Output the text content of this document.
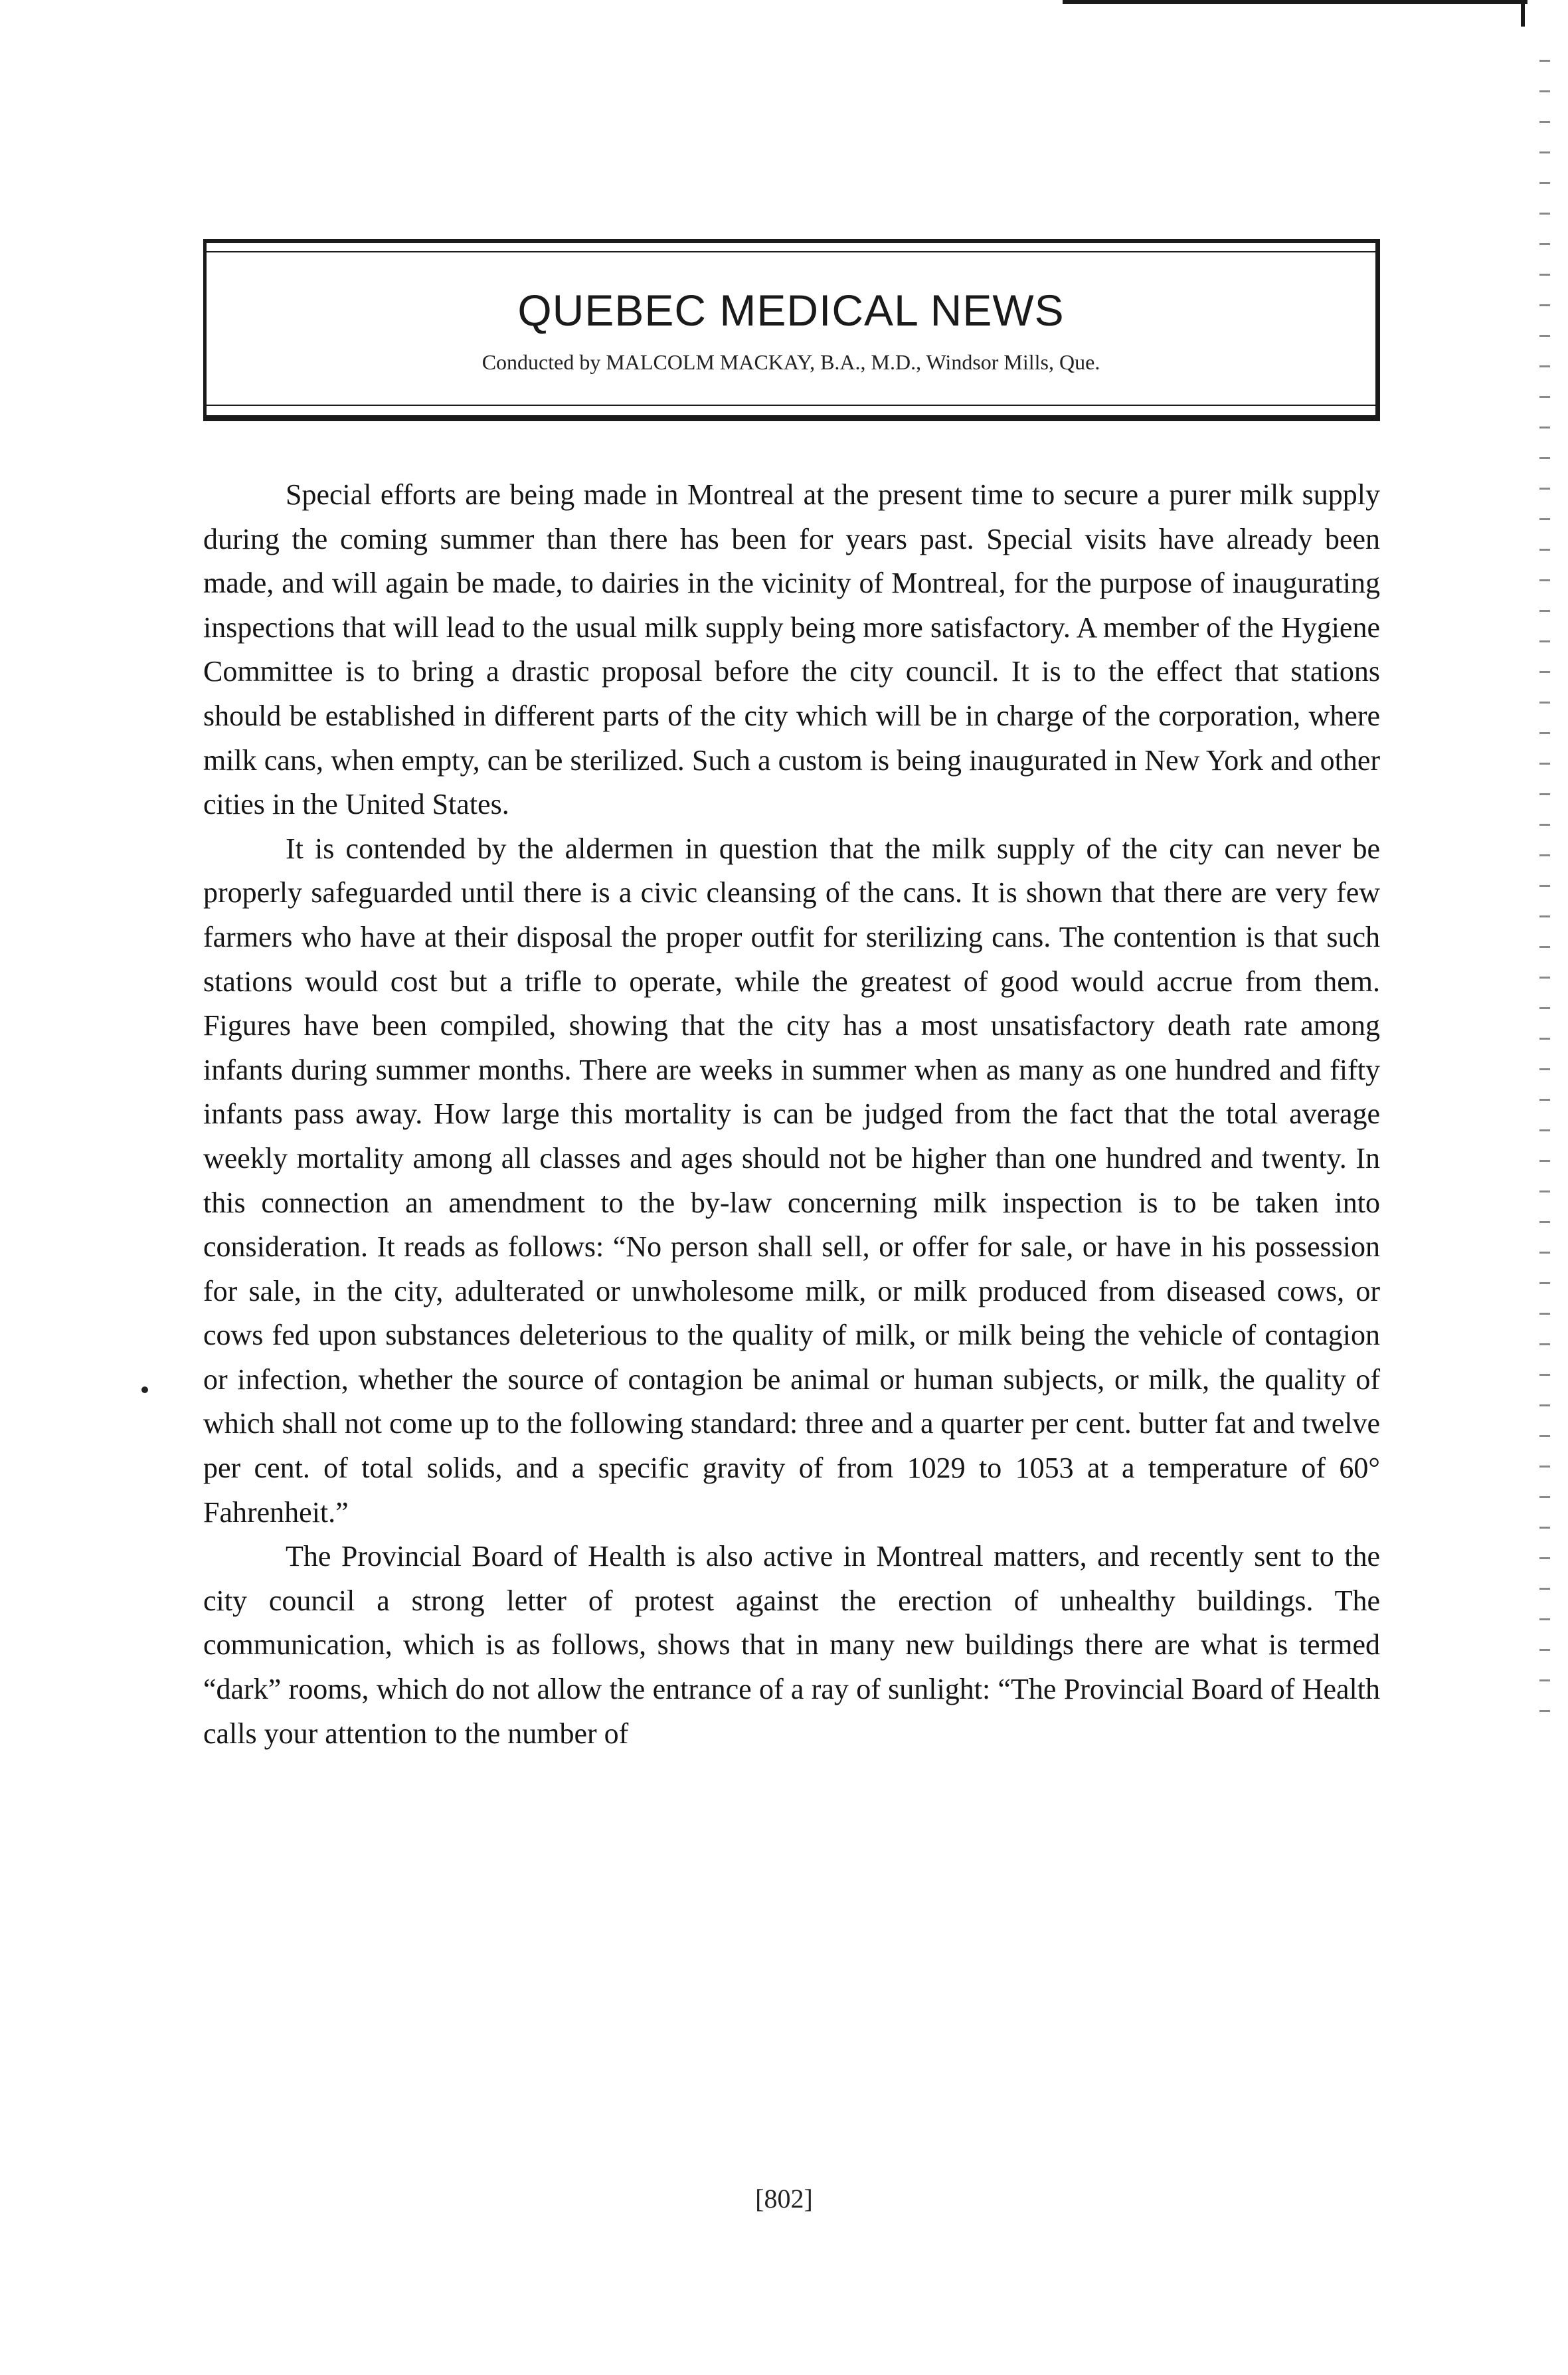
QUEBEC MEDICAL NEWS
Conducted by MALCOLM MACKAY, B.A., M.D., Windsor Mills, Que.

Special efforts are being made in Montreal at the present time to secure a purer milk supply during the coming summer than there has been for years past. Special visits have already been made, and will again be made, to dairies in the vicinity of Montreal, for the purpose of inaugurating inspections that will lead to the usual milk supply being more satisfactory. A member of the Hygiene Committee is to bring a drastic proposal before the city council. It is to the effect that stations should be established in different parts of the city which will be in charge of the corporation, where milk cans, when empty, can be sterilized. Such a custom is being inaugurated in New York and other cities in the United States.

It is contended by the aldermen in question that the milk supply of the city can never be properly safeguarded until there is a civic cleansing of the cans. It is shown that there are very few farmers who have at their disposal the proper outfit for sterilizing cans. The contention is that such stations would cost but a trifle to operate, while the greatest of good would accrue from them. Figures have been compiled, showing that the city has a most unsatisfactory death rate among infants during summer months. There are weeks in summer when as many as one hundred and fifty infants pass away. How large this mortality is can be judged from the fact that the total average weekly mortality among all classes and ages should not be higher than one hundred and twenty. In this connection an amendment to the by-law concerning milk inspection is to be taken into consideration. It reads as follows: “No person shall sell, or offer for sale, or have in his possession for sale, in the city, adulterated or unwholesome milk, or milk produced from diseased cows, or cows fed upon substances deleterious to the quality of milk, or milk being the vehicle of contagion or infection, whether the source of contagion be animal or human subjects, or milk, the quality of which shall not come up to the following standard: three and a quarter per cent. butter fat and twelve per cent. of total solids, and a specific gravity of from 1029 to 1053 at a temperature of 60° Fahrenheit.”

The Provincial Board of Health is also active in Montreal matters, and recently sent to the city council a strong letter of protest against the erection of unhealthy buildings. The communication, which is as follows, shows that in many new buildings there are what is termed “dark” rooms, which do not allow the entrance of a ray of sunlight: “The Provincial Board of Health calls your attention to the number of

[802]
